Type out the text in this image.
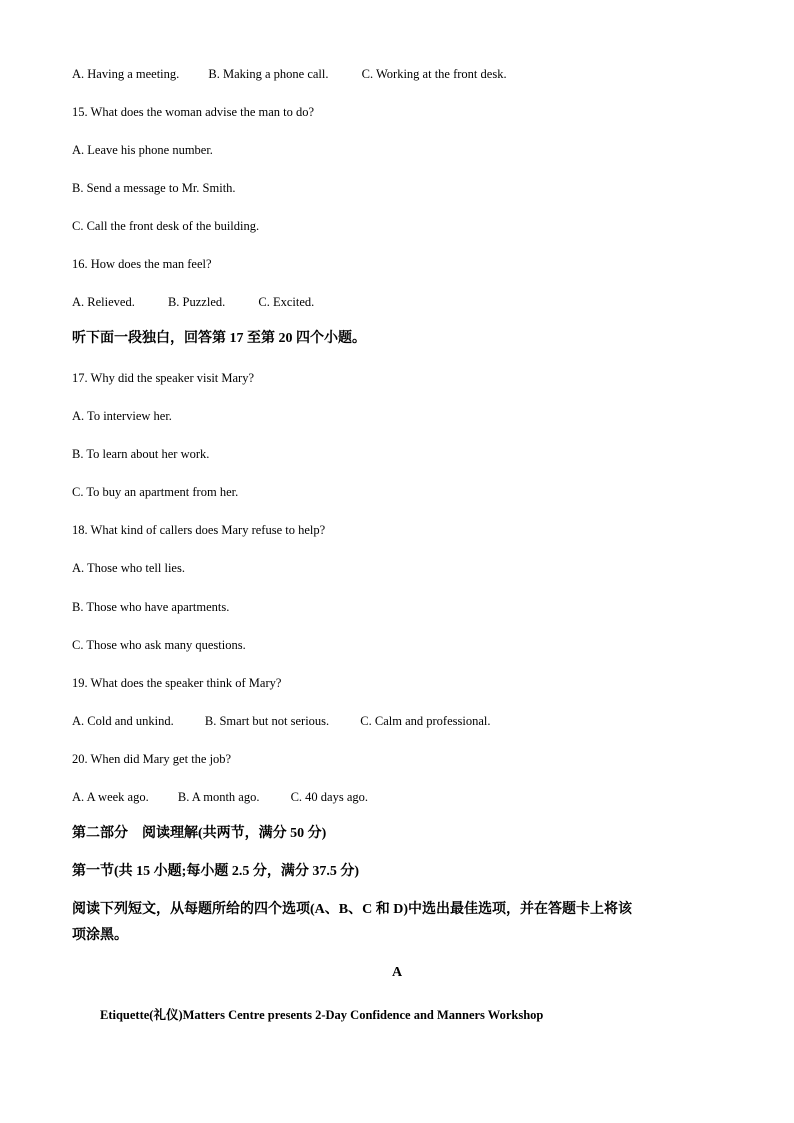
A. Having a meeting. B. Making a phone call.	C. Working at the front desk.
15. What does the woman advise the man to do?
A. Leave his phone number.
B. Send a message to Mr. Smith.
C. Call the front desk of the building.
16. How does the man feel?
A. Relieved.	B. Puzzled.	C. Excited.
听下面一段独白，回答第 17 至第 20 四个小题。
17. Why did the speaker visit Mary?
A. To interview her.
B. To learn about her work.
C. To buy an apartment from her.
18. What kind of callers does Mary refuse to help?
A. Those who tell lies.
B. Those who have apartments.
C. Those who ask many questions.
19. What does the speaker think of Mary?
A. Cold and unkind. B. Smart but not serious. C. Calm and professional.
20. When did Mary get the job?
A. A week ago. B. A month ago. C. 40 days ago.
第二部分　阅读理解(共两节，满分 50 分)
第一节(共 15 小题;每小题 2.5 分，满分 37.5 分)
阅读下列短文，从每题所给的四个选项(A、B、C 和 D)中选出最佳选项，并在答题卡上将该
项涂黑。
A
Etiquette(礼仪)Matters Centre presents 2-Day Confidence and Manners Workshop
